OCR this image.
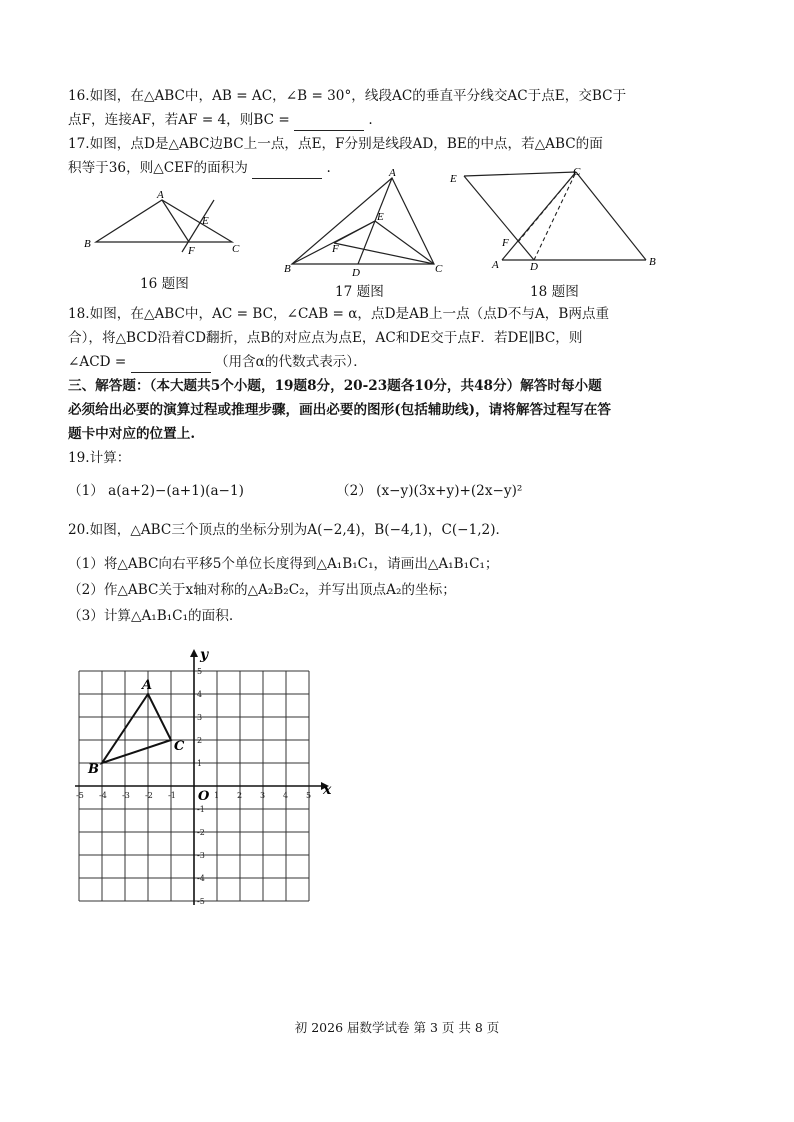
16.如图，在△ABC中，AB = AC，∠B = 30°，线段AC的垂直平分线交AC于点E，交BC于
点F，连接AF，若AF = 4，则BC =	.
17.如图，点D是△ABC边BC上一点，点E，F分别是线段AD，BE的中点，若△ABC的面
积等于36，则△CEF的面积为	.
B
A
C
E
F
16 题图
A
B	C
D
E
F
17 题图
E
C
B
A	D
F
18 题图
18.如图，在△ABC中，AC = BC，∠CAB = α，点D是AB上一点（点D不与A，B两点重
合），将△BCD沿着CD翻折，点B的对应点为点E，AC和DE交于点F．若DE∥BC，则
∠ACD =	（用含α的代数式表示）．
三、解答题：（本大题共5个小题，19题8分，20-23题各10分，共48分）解答时每小题
必须给出必要的演算过程或推理步骤，画出必要的图形(包括辅助线)，请将解答过程写在答
题卡中对应的位置上.
19.计算：
（1） a(a+2)−(a+1)(a−1)	（2） (x−y)(3x+y)+(2x−y)²
20.如图，△ABC三个顶点的坐标分别为A(−2,4)，B(−4,1)，C(−1,2)．
（1）将△ABC向右平移5个单位长度得到△A₁B₁C₁，请画出△A₁B₁C₁；
（2）作△ABC关于x轴对称的△A₂B₂C₂，并写出顶点A₂的坐标；
（3）计算△A₁B₁C₁的面积.
-5 -4 -3 -2 -1	1 2 3 4 5
5
4
3
2
1
-1
-2
-3
-4
-5
A
B
C
x
y
O
初 2026 届数学试卷 第 3 页 共 8 页
